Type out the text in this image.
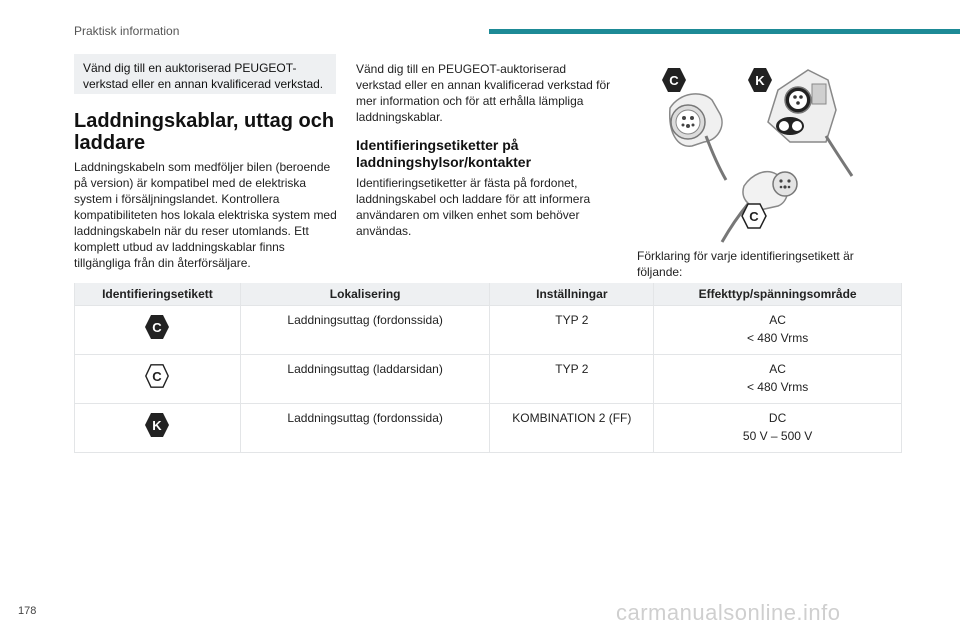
Praktisk information
Vänd dig till en auktoriserad PEUGEOT-verkstad eller en annan kvalificerad verkstad.
Laddningskablar, uttag och laddare
Laddningskabeln som medföljer bilen (beroende på version) är kompatibel med de elektriska system i försäljningslandet. Kontrollera kompatibiliteten hos lokala elektriska system med laddningskabeln när du reser utomlands. Ett komplett utbud av laddningskablar finns tillgängliga från din återförsäljare.
Vänd dig till en PEUGEOT-auktoriserad verkstad eller en annan kvalificerad verkstad för mer information och för att erhålla lämpliga laddningskablar.
Identifieringsetiketter på laddningshylsor/kontakter
Identifieringsetiketter är fästa på fordonet, laddningskabel och laddare för att informera användaren om vilken enhet som behöver användas.
C	K
C
Förklaring för varje identifieringsetikett är följande:
Identifieringsetikett	Lokalisering	Inställningar	Effekttyp/spänningsområde

C	Laddningsuttag (fordonssida)	TYP 2	AC
< 480 Vrms

C	Laddningsuttag (laddarsidan)	TYP 2	AC
< 480 Vrms

K	Laddningsuttag (fordonssida)	KOMBINATION 2 (FF)	DC
50 V – 500 V
178	carmanualsonline.info
